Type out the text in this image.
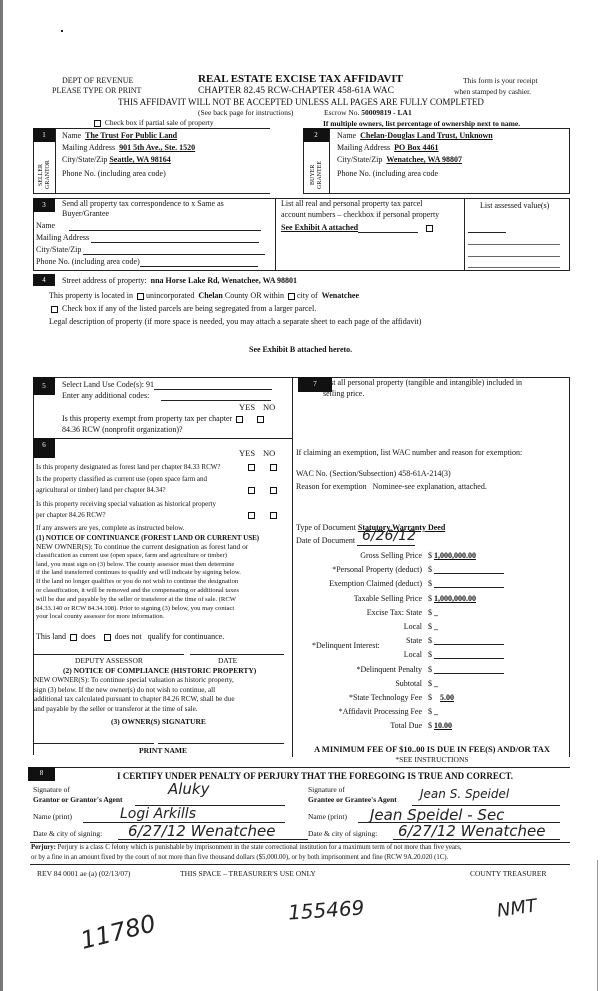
DEPT OF REVENUE
PLEASE TYPE OR PRINT
REAL ESTATE EXCISE TAX AFFIDAVIT
CHAPTER 82.45 RCW-CHAPTER 458-61A WAC
This form is your receipt
when stamped by cashier.
THIS AFFIDAVIT WILL NOT BE ACCEPTED UNLESS ALL PAGES ARE FULLY COMPLETED
(See back page for instructions)	Escrow No. 50009819 - LA1
Check box if partial sale of property	If multiple owners, list percentage of ownership next to name.
1
SELLER GRANTOR
Name The Trust For Public Land
Mailing Address 901 5th Ave., Ste. 1520
City/State/Zip Seattle, WA 98164
Phone No. (including area code)
2
BUYER GRANTEE
Name Chelan-Douglas Land Trust, Unknown
Mailing Address PO Box 4461
City/State/Zip Wenatchee, WA 98807
Phone No. (including area code
3	Send all property tax correspondence to x Same as
Buyer/Grantee
Name
Mailing Address
City/State/Zip
Phone No. (including area code)
List all real and personal property tax parcel
account numbers – checkbox if personal property
See Exhibit A attached
List assessed value(s)
4	Street address of property: nna Horse Lake Rd, Wenatchee, WA 98801
This property is located in unincorporated Chelan County OR within city of Wenatchee
Check box if any of the listed parcels are being segregated from a larger parcel.
Legal description of property (if more space is needed, you may attach a separate sheet to each page of the affidavit)
See Exhibit B attached hereto.
5	Select Land Use Code(s): 91
Enter any additional codes:
YES NO
Is this property exempt from property tax per chapter
84.36 RCW (nonprofit organization)?
7 List all personal property (tangible and intangible) included in
selling price.
If claiming an exemption, list WAC number and reason for exemption:
WAC No. (Section/Subsection) 458-61A-214(3)
Reason for exemption Nominee-see explanation, attached.
Type of Document Statutory Warranty Deed
Date of Document 6/26/12
Gross Selling Price $ 1,000,000.00
*Personal Property (deduct) $
Exemption Claimed (deduct) $
Taxable Selling Price $ 1,000,000.00
Excise Tax: State $ _
Local $ _
State $
Local $
*Delinquent Penalty $
Subtotal $ _
*State Technology Fee $	5.00
*Affidavit Processing Fee $ _
Total Due $ 10.00
*Delinquent Interest:
A MINIMUM FEE OF $10..00 IS DUE IN FEE(S) AND/OR TAX
*SEE INSTRUCTIONS
6
YES NO
Is this property designated as forest land per chapter 84.33 RCW?
Is the property classified as current use (open space farm and
agricultural or timber) land per chapter 84.34?
Is this property receiving special valuation as historical property
per chapter 84.26 RCW?
If any answers are yes, complete as instructed below.
(1) NOTICE OF CONTINUANCE (FOREST LAND OR CURRENT USE)
NEW OWNER(S): To continue the current designation as forest land or
classification as current use (open space, farm and agriculture or timber)
land, you must sign on (3) below. The county assessor must then determine
if the land transferred continues to qualify and will indicate by signing below.
If the land no longer qualifies or you do not wish to continue the designation
or classification, it will be removed and the compensating or additional taxes
will be due and payable by the seller or transferor at the time of sale. (RCW
84.33.140 or RCW 84.34.108). Prior to signing (3) below, you may contact
your local county assessor for more information.
This land does does not qualify for continuance.
DEPUTY ASSESSOR	DATE
(2) NOTICE OF COMPLIANCE (HISTORIC PROPERTY)
NEW OWNER(S): To continue special valuation as historic property,
sign (3) below. If the new owner(s) do not wish to continue, all
additional tax calculated pursuant to chapter 84.26 RCW, shall be due
and payable by the seller or transferor at the time of sale.
(3) OWNER(S) SIGNATURE
PRINT NAME
8	I CERTIFY UNDER PENALTY OF PERJURY THAT THE FOREGOING IS TRUE AND CORRECT.
Signature of
Grantor or Grantor's Agent
Aluky
Name (print)	Logi Arkills
Date & city of signing: 6/27/12 Wenatchee
Signature of
Grantee or Grantee's Agent Jean S. Speidel
Name (print) Jean Speidel - Sec
Date & city of signing: 6/27/12 Wenatchee
Perjury: Perjury is a class C felony which is punishable by imprisonment in the state correctional institution for a maximum term of not more than five years,
or by a fine in an amount fixed by the court of not more than five thousand dollars ($5,000.00), or by both imprisonment and fine (RCW 9A.20.020 (1C).
REV 84 0001 ae (a) (02/13/07)	THIS SPACE – TREASURER'S USE ONLY	COUNTY TREASURER
11780	155469	NMT
